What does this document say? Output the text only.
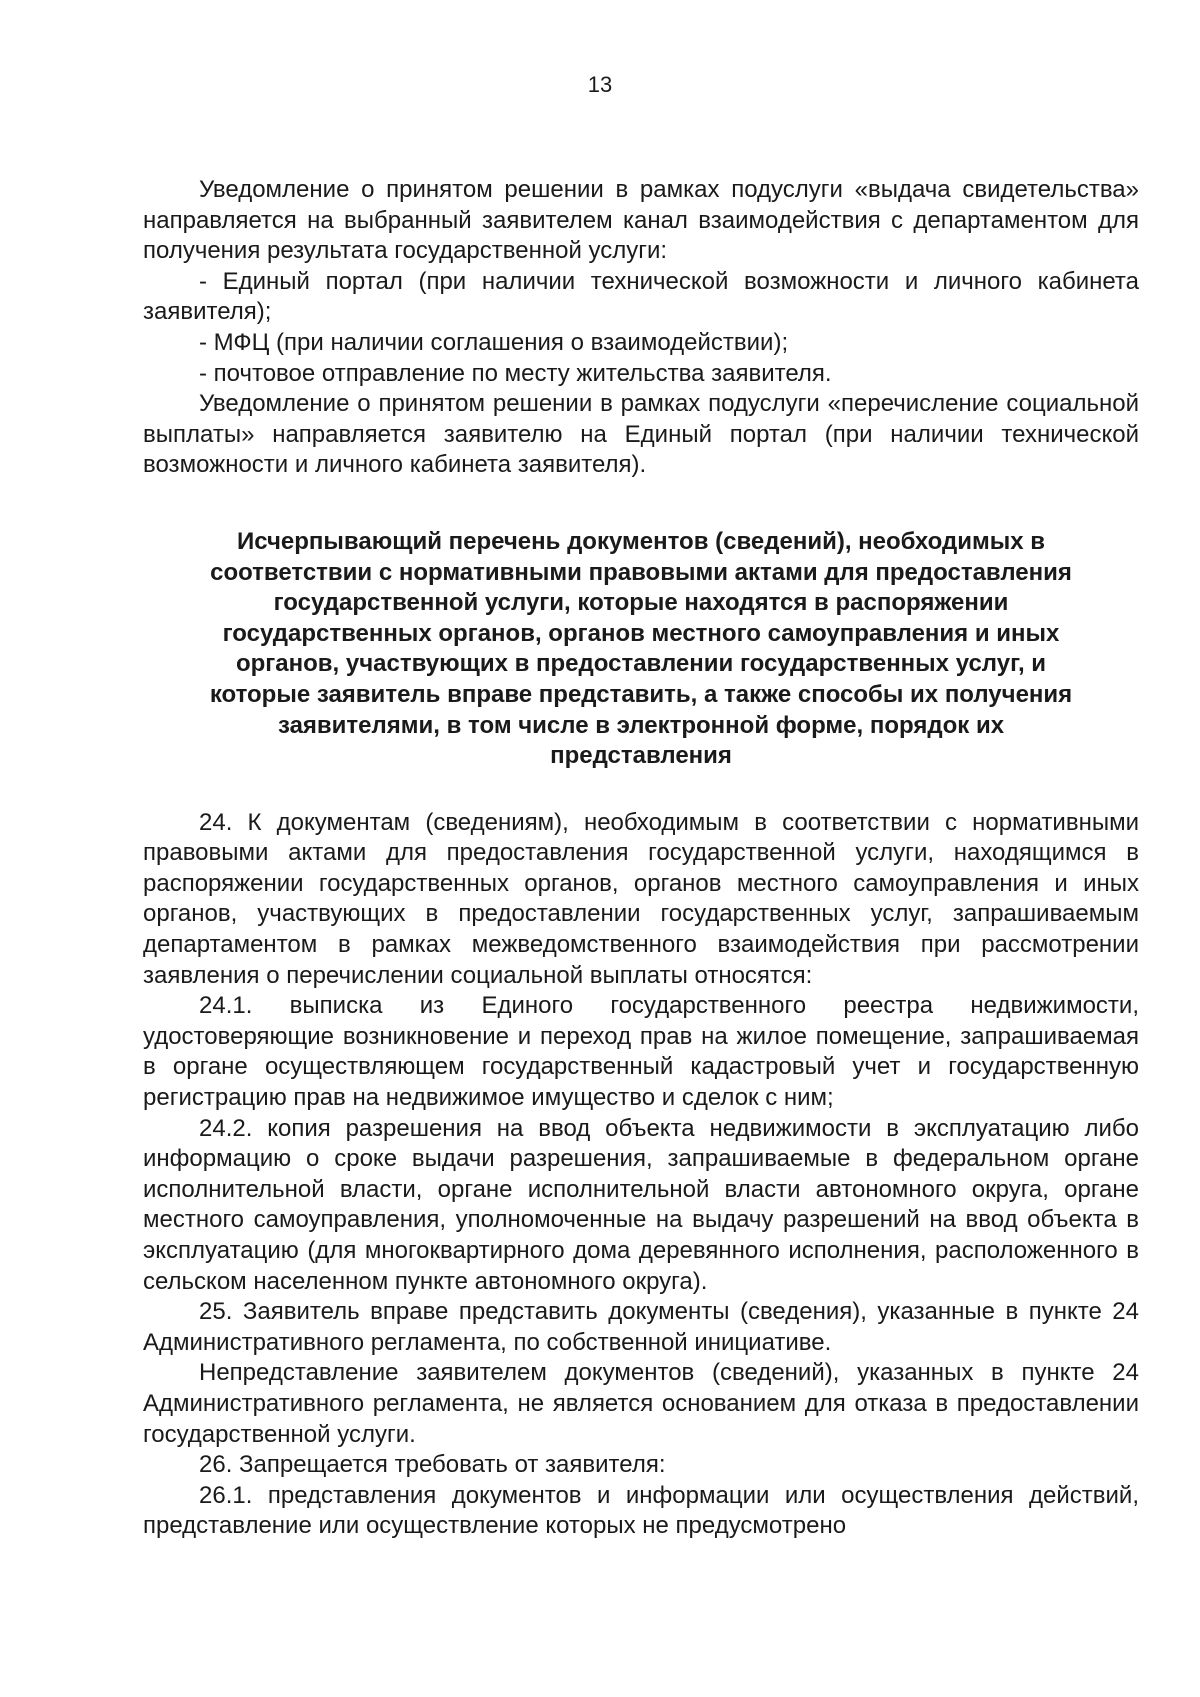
13

Уведомление о принятом решении в рамках подуслуги «выдача свидетельства» направляется на выбранный заявителем канал взаимодействия с департаментом для получения результата государственной услуги:

- Единый портал (при наличии технической возможности и личного кабинета заявителя);

- МФЦ (при наличии соглашения о взаимодействии);

- почтовое отправление по месту жительства заявителя.

Уведомление о принятом решении в рамках подуслуги «перечисление социальной выплаты» направляется заявителю на Единый портал (при наличии технической возможности и личного кабинета заявителя).

Исчерпывающий перечень документов (сведений), необходимых в соответствии с нормативными правовыми актами для предоставления государственной услуги, которые находятся в распоряжении государственных органов, органов местного самоуправления и иных органов, участвующих в предоставлении государственных услуг, и которые заявитель вправе представить, а также способы их получения заявителями, в том числе в электронной форме, порядок их представления

24. К документам (сведениям), необходимым в соответствии с нормативными правовыми актами для предоставления государственной услуги, находящимся в распоряжении государственных органов, органов местного самоуправления и иных органов, участвующих в предоставлении государственных услуг, запрашиваемым департаментом в рамках межведомственного взаимодействия при рассмотрении заявления о перечислении социальной выплаты относятся:

24.1. выписка из Единого государственного реестра недвижимости, удостоверяющие возникновение и переход прав на жилое помещение, запрашиваемая в органе осуществляющем государственный кадастровый учет и государственную регистрацию прав на недвижимое имущество и сделок с ним;

24.2. копия разрешения на ввод объекта недвижимости в эксплуатацию либо информацию о сроке выдачи разрешения, запрашиваемые в федеральном органе исполнительной власти, органе исполнительной власти автономного округа, органе местного самоуправления, уполномоченные на выдачу разрешений на ввод объекта в эксплуатацию (для многоквартирного дома деревянного исполнения, расположенного в сельском населенном пункте автономного округа).

25. Заявитель вправе представить документы (сведения), указанные в пункте 24 Административного регламента, по собственной инициативе.

Непредставление заявителем документов (сведений), указанных в пункте 24 Административного регламента, не является основанием для отказа в предоставлении государственной услуги.

26. Запрещается требовать от заявителя:

26.1. представления документов и информации или осуществления действий, представление или осуществление которых не предусмотрено
